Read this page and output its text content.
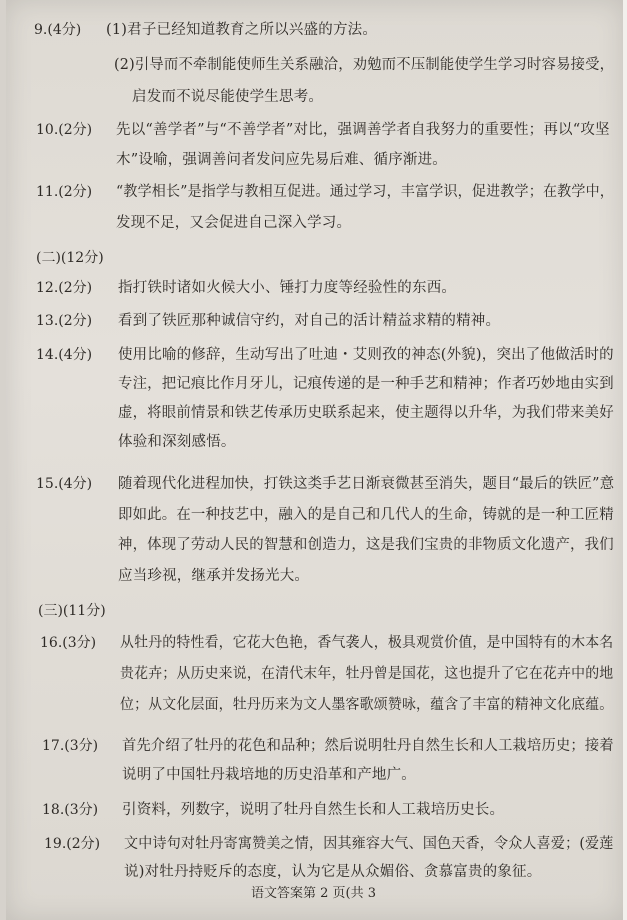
9.(4分) (1)君子已经知道教育之所以兴盛的方法。
(2)引导而不牵制能使师生关系融洽，劝勉而不压制能使学生学习时容易接受，
启发而不说尽能使学生思考。
10.(2分) 先以“善学者”与“不善学者”对比，强调善学者自我努力的重要性；再以“攻坚
木”设喻，强调善问者发问应先易后难、循序渐进。
11.(2分) “教学相长”是指学与教相互促进。通过学习，丰富学识，促进教学；在教学中，
发现不足，又会促进自己深入学习。
(二)(12分)
12.(2分) 指打铁时诸如火候大小、锤打力度等经验性的东西。
13.(2分) 看到了铁匠那种诚信守约，对自己的活计精益求精的精神。
14.(4分) 使用比喻的修辞，生动写出了吐迪・艾则孜的神态(外貌)，突出了他做活时的
专注，把记痕比作月牙儿，记痕传递的是一种手艺和精神；作者巧妙地由实到
虚，将眼前情景和铁艺传承历史联系起来，使主题得以升华，为我们带来美好
体验和深刻感悟。
15.(4分) 随着现代化进程加快，打铁这类手艺日渐衰微甚至消失，题目“最后的铁匠”意
即如此。在一种技艺中，融入的是自己和几代人的生命，铸就的是一种工匠精
神，体现了劳动人民的智慧和创造力，这是我们宝贵的非物质文化遗产，我们
应当珍视，继承并发扬光大。
(三)(11分)
16.(3分) 从牡丹的特性看，它花大色艳，香气袭人，极具观赏价值，是中国特有的木本名
贵花卉；从历史来说，在清代末年，牡丹曾是国花，这也提升了它在花卉中的地
位；从文化层面，牡丹历来为文人墨客歌颂赞咏，蕴含了丰富的精神文化底蕴。
17.(3分) 首先介绍了牡丹的花色和品种；然后说明牡丹自然生长和人工栽培历史；接着
说明了中国牡丹栽培地的历史沿革和产地广。
18.(3分) 引资料，列数字，说明了牡丹自然生长和人工栽培历史长。
19.(2分) 文中诗句对牡丹寄寓赞美之情，因其雍容大气、国色天香，令众人喜爱；(爱莲
说)对牡丹持贬斥的态度，认为它是从众媚俗、贪慕富贵的象征。
语文答案第 2 页(共 3
